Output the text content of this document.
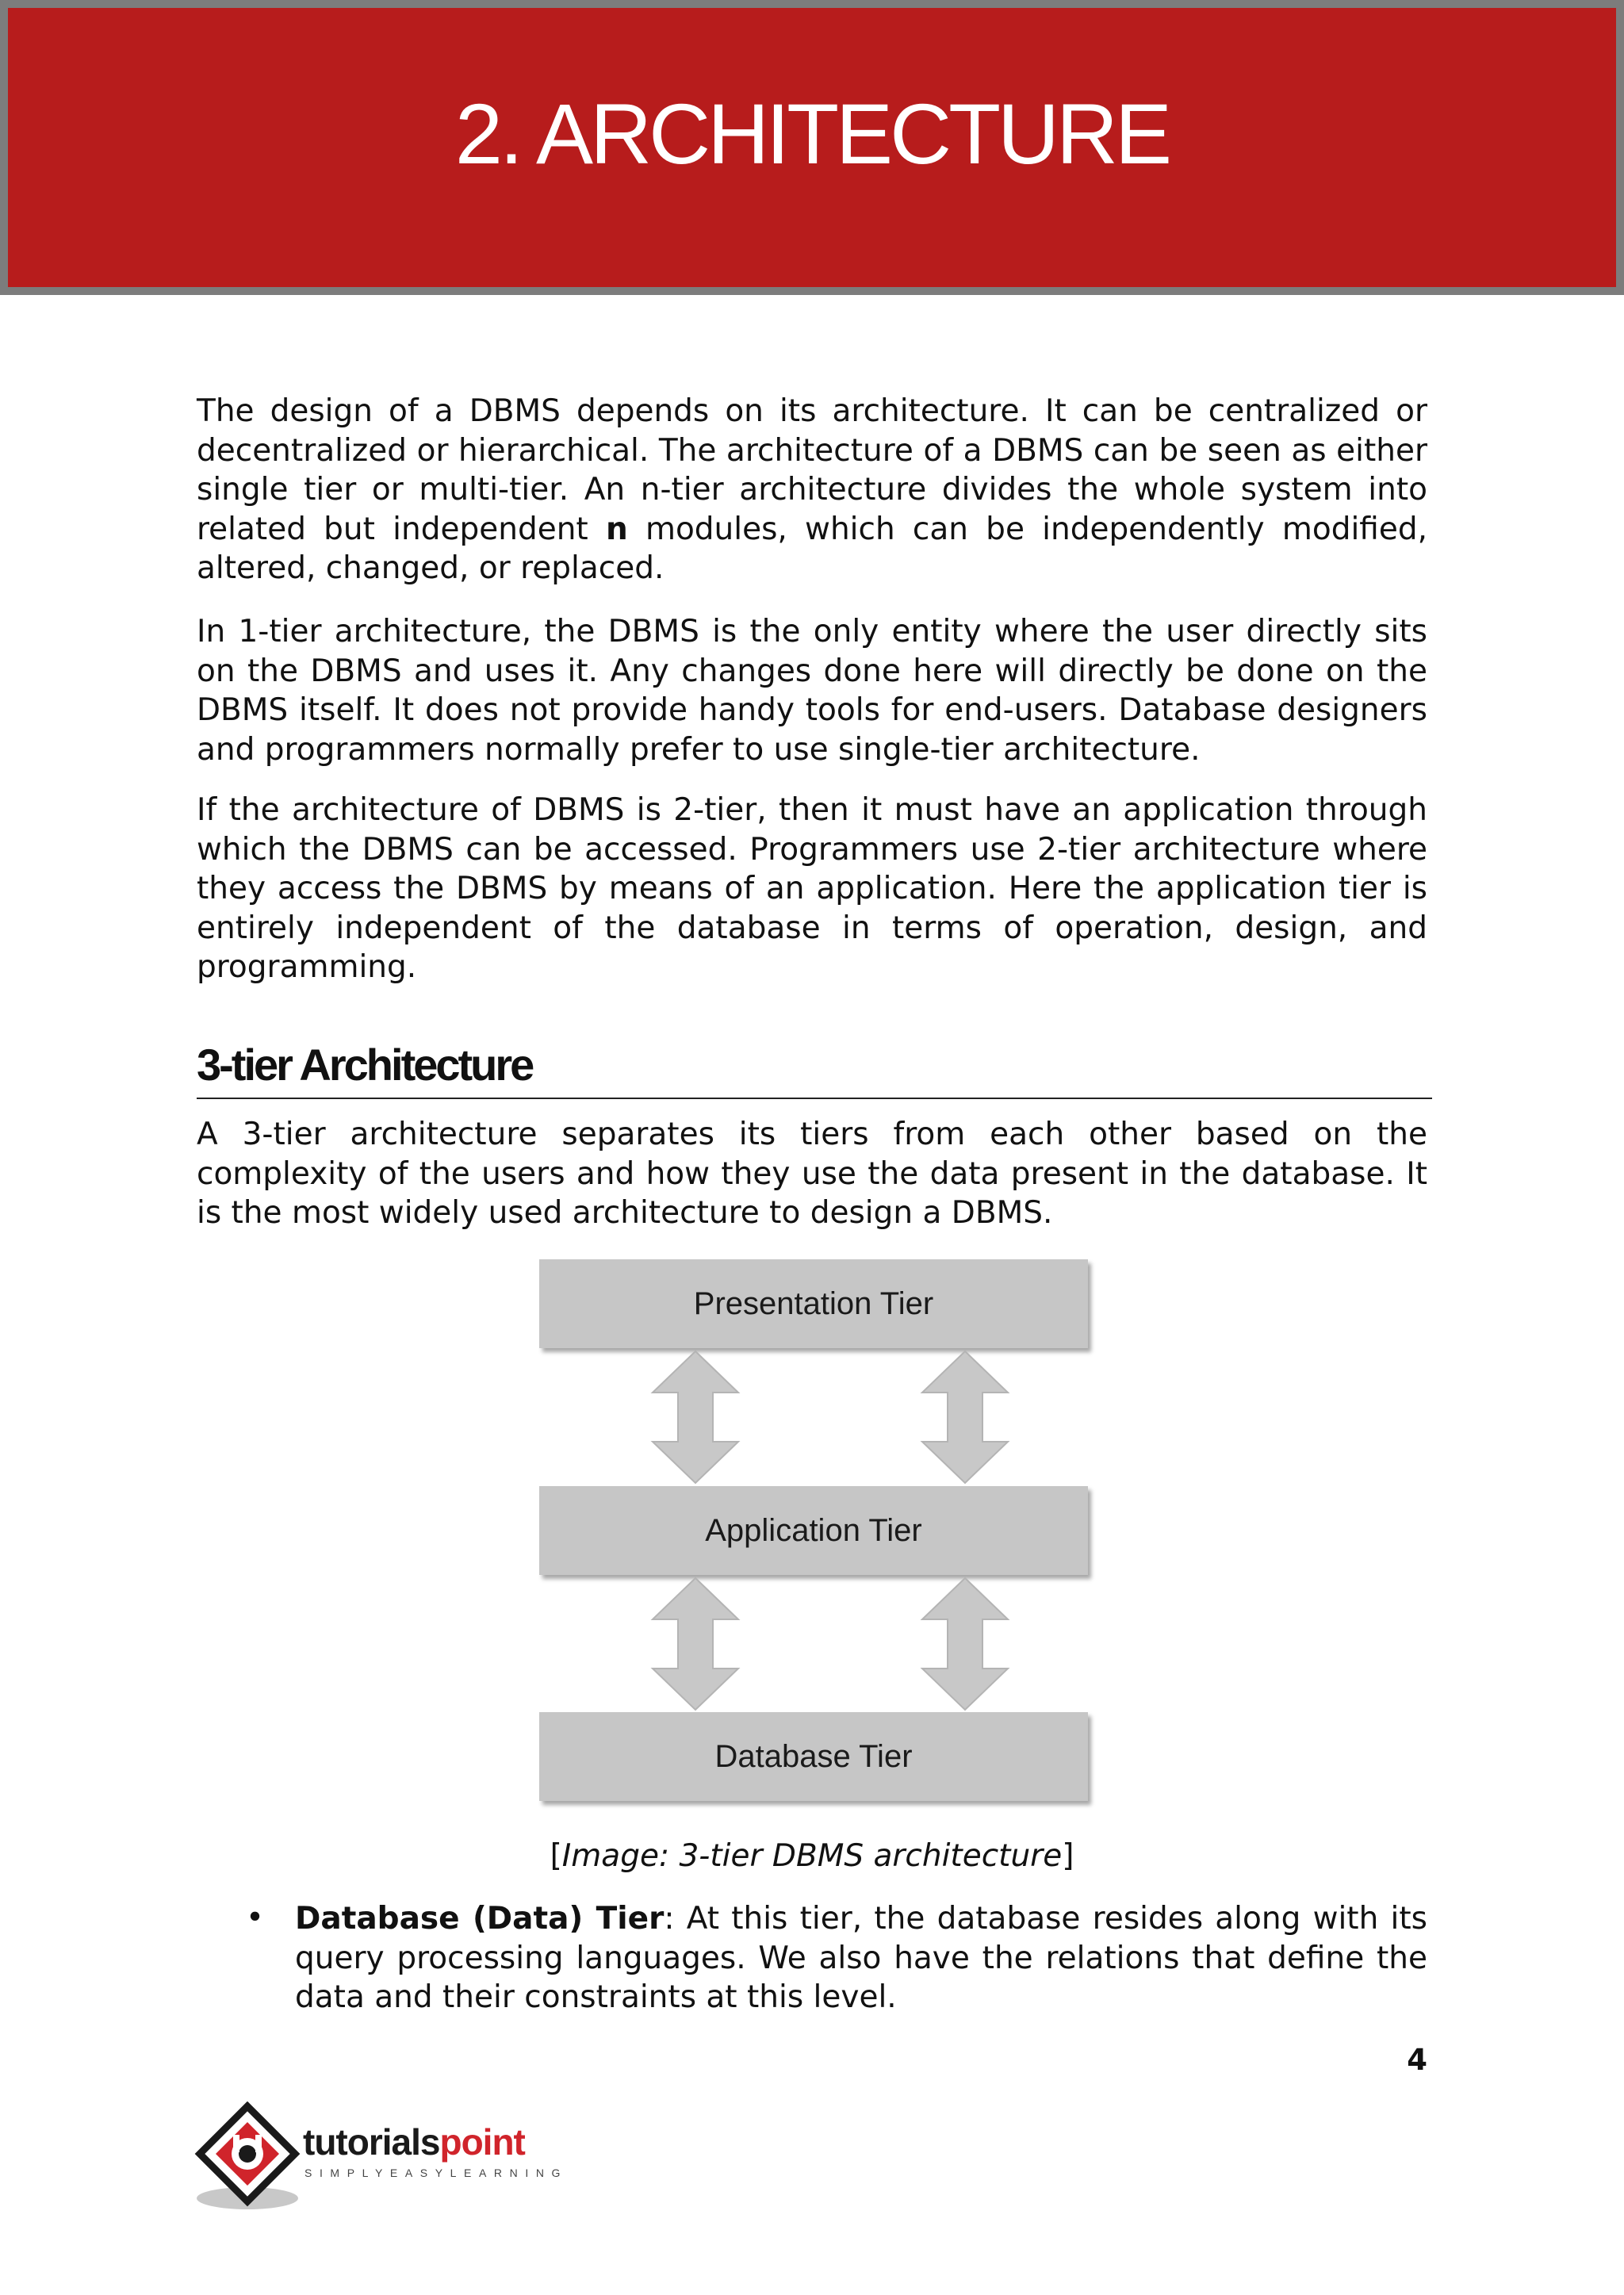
2. ARCHITECTURE

The design of a DBMS depends on its architecture. It can be centralized or decentralized or hierarchical. The architecture of a DBMS can be seen as either single tier or multi-tier. An n-tier architecture divides the whole system into related but independent n modules, which can be independently modified, altered, changed, or replaced.

In 1-tier architecture, the DBMS is the only entity where the user directly sits on the DBMS and uses it. Any changes done here will directly be done on the DBMS itself. It does not provide handy tools for end-users. Database designers and programmers normally prefer to use single-tier architecture.

If the architecture of DBMS is 2-tier, then it must have an application through which the DBMS can be accessed. Programmers use 2-tier architecture where they access the DBMS by means of an application. Here the application tier is entirely independent of the database in terms of operation, design, and programming.

3-tier Architecture

A 3-tier architecture separates its tiers from each other based on the complexity of the users and how they use the data present in the database. It is the most widely used architecture to design a DBMS.

Presentation Tier
Application Tier
Database Tier

[Image: 3-tier DBMS architecture]

• Database (Data) Tier: At this tier, the database resides along with its query processing languages. We also have the relations that define the data and their constraints at this level.

4

tutorialspoint
SIMPLYEASYLEARNING
